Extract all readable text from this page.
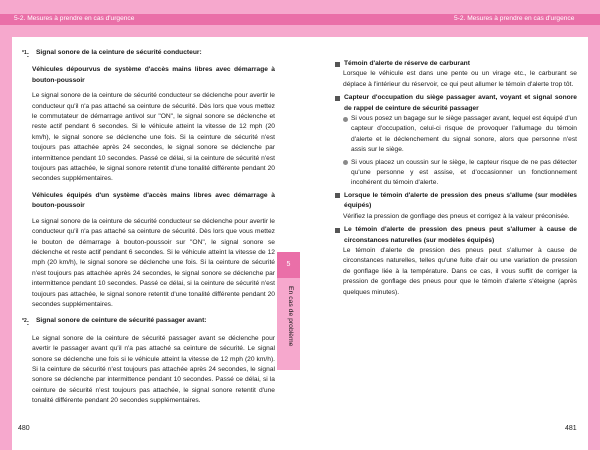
5-2. Mesures à prendre en cas d'urgence
$^{*1}$:	Signal sonore de la ceinture de sécurité conducteur:
Véhicules dépourvus de système d'accès mains libres avec démarrage à bouton-poussoir

Le signal sonore de la ceinture de sécurité conducteur se déclenche pour avertir le conducteur qu'il n'a pas attaché sa ceinture de sécurité. Dès lors que vous mettez le commutateur de démarrage antivol sur "ON", le signal sonore se déclenche et reste actif pendant 6 secondes. Si le véhicule atteint la vitesse de 12 mph (20 km/h), le signal sonore se déclenche une fois. Si la ceinture de sécurité n'est toujours pas attachée après 24 secondes, le signal sonore se déclenche par intermittence pendant 10 secondes. Passé ce délai, si la ceinture de sécurité n'est toujours pas attachée, le signal sonore retentit d'une tonalité différente pendant 20 secondes supplémentaires.

Véhicules équipés d'un système d'accès mains libres avec démarrage à bouton-poussoir

Le signal sonore de la ceinture de sécurité conducteur se déclenche pour avertir le conducteur qu'il n'a pas attaché sa ceinture de sécurité. Dès lors que vous mettez le bouton de démarrage à bouton-poussoir sur "ON", le signal sonore se déclenche et reste actif pendant 6 secondes. Si le véhicule atteint la vitesse de 12 mph (20 km/h), le signal sonore se déclenche une fois. Si la ceinture de sécurité n'est toujours pas attachée après 24 secondes, le signal sonore se déclenche par intermittence pendant 10 secondes. Passé ce délai, si la ceinture de sécurité n'est toujours pas attachée, le signal sonore retentit d'une tonalité différente pendant 20 secondes supplémentaires.

$^{*2}$:	Signal sonore de ceinture de sécurité passager avant:

Le signal sonore de la ceinture de sécurité passager avant se déclenche pour avertir le passager avant qu'il n'a pas attaché sa ceinture de sécurité. Le signal sonore se déclenche une fois si le véhicule atteint la vitesse de 12 mph (20 km/h). Si la ceinture de sécurité n'est toujours pas attachée après 24 secondes, le signal sonore se déclenche par intermittence pendant 10 secondes. Passé ce délai, si la ceinture de sécurité n'est toujours pas attachée, le signal sonore retentit d'une tonalité différente pendant 20 secondes supplémentaires.

480
5-2. Mesures à prendre en cas d'urgence
Témoin d'alerte de réserve de carburant

Lorsque le véhicule est dans une pente ou un virage etc., le carburant se déplace à l'intérieur du réservoir, ce qui peut allumer le témoin d'alerte trop tôt.

Capteur d'occupation du siège passager avant, voyant et signal sonore de rappel de ceinture de sécurité passager
Si vous posez un bagage sur le siège passager avant, lequel est équipé d'un capteur d'occupation, celui-ci risque de provoquer l'allumage du témoin d'alerte et le déclenchement du signal sonore, alors que personne n'est assis sur le siège.
Si vous placez un coussin sur le siège, le capteur risque de ne pas détecter qu'une personne y est assise, et d'occasionner un fonctionnement incohérent du témoin d'alerte.
Lorsque le témoin d'alerte de pression des pneus s'allume (sur modèles équipés)

Vérifiez la pression de gonflage des pneus et corrigez à la valeur préconisée.

Le témoin d'alerte de pression des pneus peut s'allumer à cause de circonstances naturelles (sur modèles équipés)

Le témoin d'alerte de pression des pneus peut s'allumer à cause de circonstances naturelles, telles qu'une fuite d'air ou une variation de pression de gonflage liée à la température. Dans ce cas, il vous suffit de corriger la pression de gonflage des pneus pour que le témoin d'alerte s'éteigne (après quelques minutes).

481
5
En cas de problème
